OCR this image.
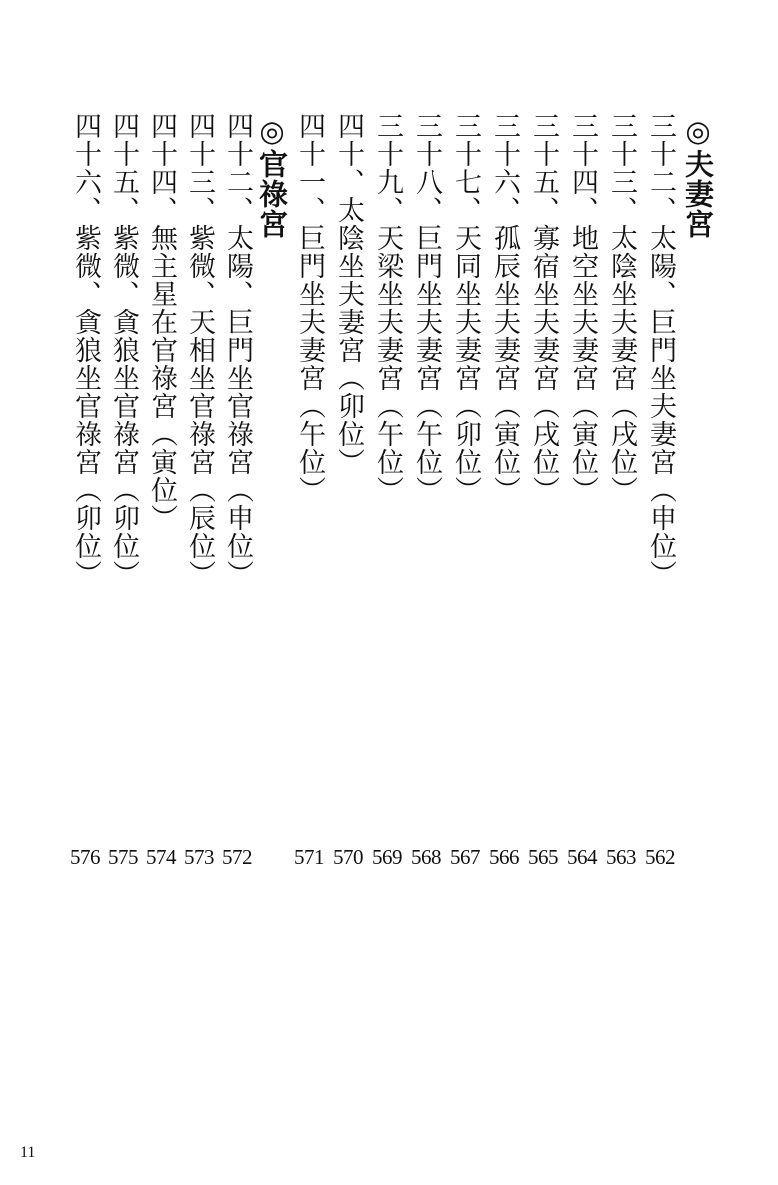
◎夫妻宮
三十二、太陽、巨門坐夫妻宮（申位）
三十三、太陰坐夫妻宮（戌位）
三十四、地空坐夫妻宮（寅位）
三十五、寡宿坐夫妻宮（戌位）
三十六、孤辰坐夫妻宮（寅位）
三十七、天同坐夫妻宮（卯位）
三十八、巨門坐夫妻宮（午位）
三十九、天梁坐夫妻宮（午位）
四十、太陰坐夫妻宮（卯位）
四十一、巨門坐夫妻宮（午位）
◎官祿宮
四十二、太陽、巨門坐官祿宮（申位）
四十三、紫微、天相坐官祿宮（辰位）
四十四、無主星在官祿宮（寅位）
四十五、紫微、貪狼坐官祿宮（卯位）
四十六、紫微、貪狼坐官祿宮（卯位）
562
563
564
565
566
567
568
569
570
571
572
573
574
575
576
11
